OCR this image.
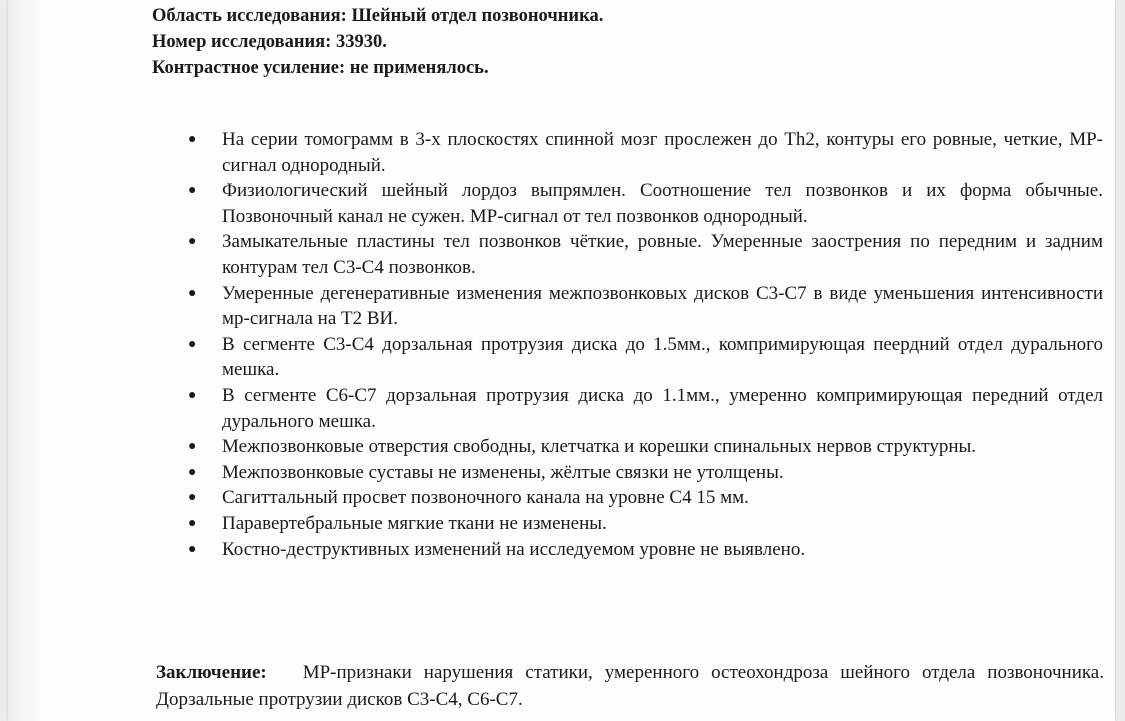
Область исследования: Шейный отдел позвоночника.
Номер исследования: 33930.
Контрастное усиление: не применялось.
●	На серии томограмм в 3-х плоскостях спинной мозг прослежен до Th2, контуры его ровные, четкие, МР-сигнал однородный.
●	Физиологический шейный лордоз выпрямлен. Соотношение тел позвонков и их форма обычные. Позвоночный канал не сужен. МР-сигнал от тел позвонков однородный.
●	Замыкательные пластины тел позвонков чёткие, ровные. Умеренные заострения по передним и задним контурам тел С3-С4 позвонков.
●	Умеренные дегенеративные изменения межпозвонковых дисков С3-С7 в виде уменьшения интенсивности мр-сигнала на Т2 ВИ.
●	В сегменте С3-С4 дорзальная протрузия диска до 1.5мм., компримирующая пеердний отдел дурального мешка.
●	В сегменте С6-С7 дорзальная протрузия диска до 1.1мм., умеренно компримирующая передний отдел дурального мешка.
●	Межпозвонковые отверстия свободны, клетчатка и корешки спинальных нервов структурны.
●	Межпозвонковые суставы не изменены, жёлтые связки не утолщены.
●	Сагиттальный просвет позвоночного канала на уровне С4 15 мм.
●	Паравертебральные мягкие ткани не изменены.
●	Костно-деструктивных изменений на исследуемом уровне не выявлено.
Заключение: МР-признаки нарушения статики, умеренного остеохондроза шейного отдела позвоночника. Дорзальные протрузии дисков С3-С4, С6-С7.
